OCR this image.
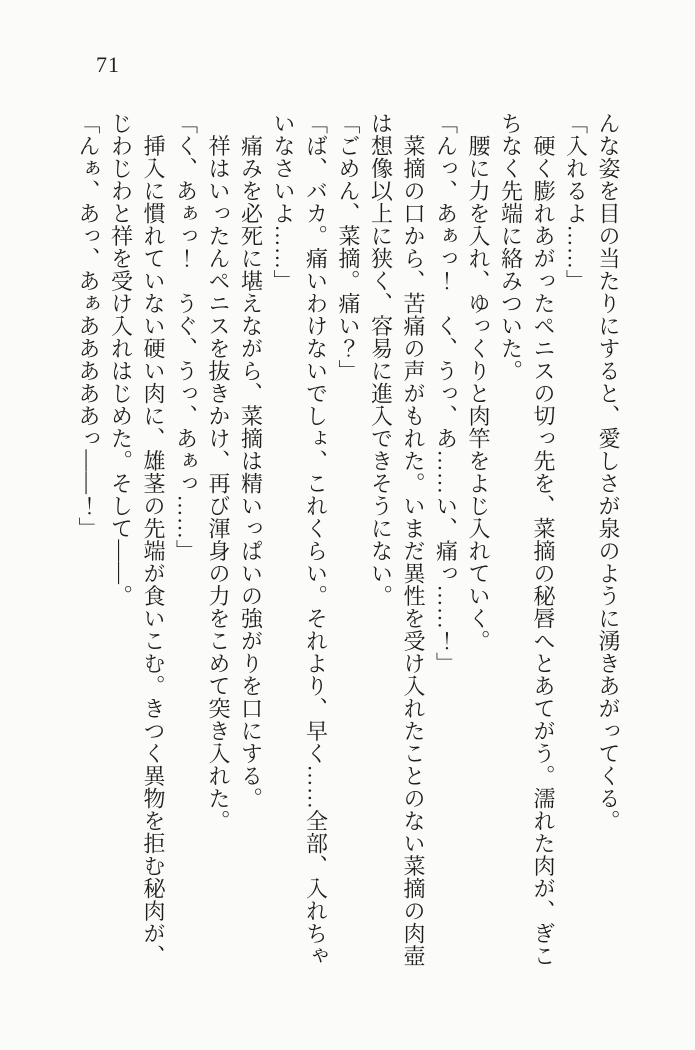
71

んな姿を目の当たりにすると、愛しさが泉のように湧きあがってくる。

「入れるよ……」

　硬く膨れあがったペニスの切っ先を、菜摘の秘唇へとあてがう。濡れた肉が、ぎこ

ちなく先端に絡みついた。

　腰に力を入れ、ゆっくりと肉竿をよじ入れていく。

「んっ、あぁっ！　く、うっ、あ……い、痛っ……！」

　菜摘の口から、苦痛の声がもれた。いまだ異性を受け入れたことのない菜摘の肉壺

は想像以上に狭く、容易に進入できそうにない。

「ごめん、菜摘。痛い？」

「ば、バカ。痛いわけないでしょ、これくらい。それより、早く……全部、入れちゃ

いなさいよ……」

　痛みを必死に堪えながら、菜摘は精いっぱいの強がりを口にする。

　祥はいったんペニスを抜きかけ、再び渾身の力をこめて突き入れた。

「く、あぁっ！　うぐ、うっ、あぁっ……」

　挿入に慣れていない硬い肉に、雄茎の先端が食いこむ。きつく異物を拒む秘肉が、

じわじわと祥を受け入れはじめた。そして――。

「んぁ、あっ、あぁあああああっ――！」
